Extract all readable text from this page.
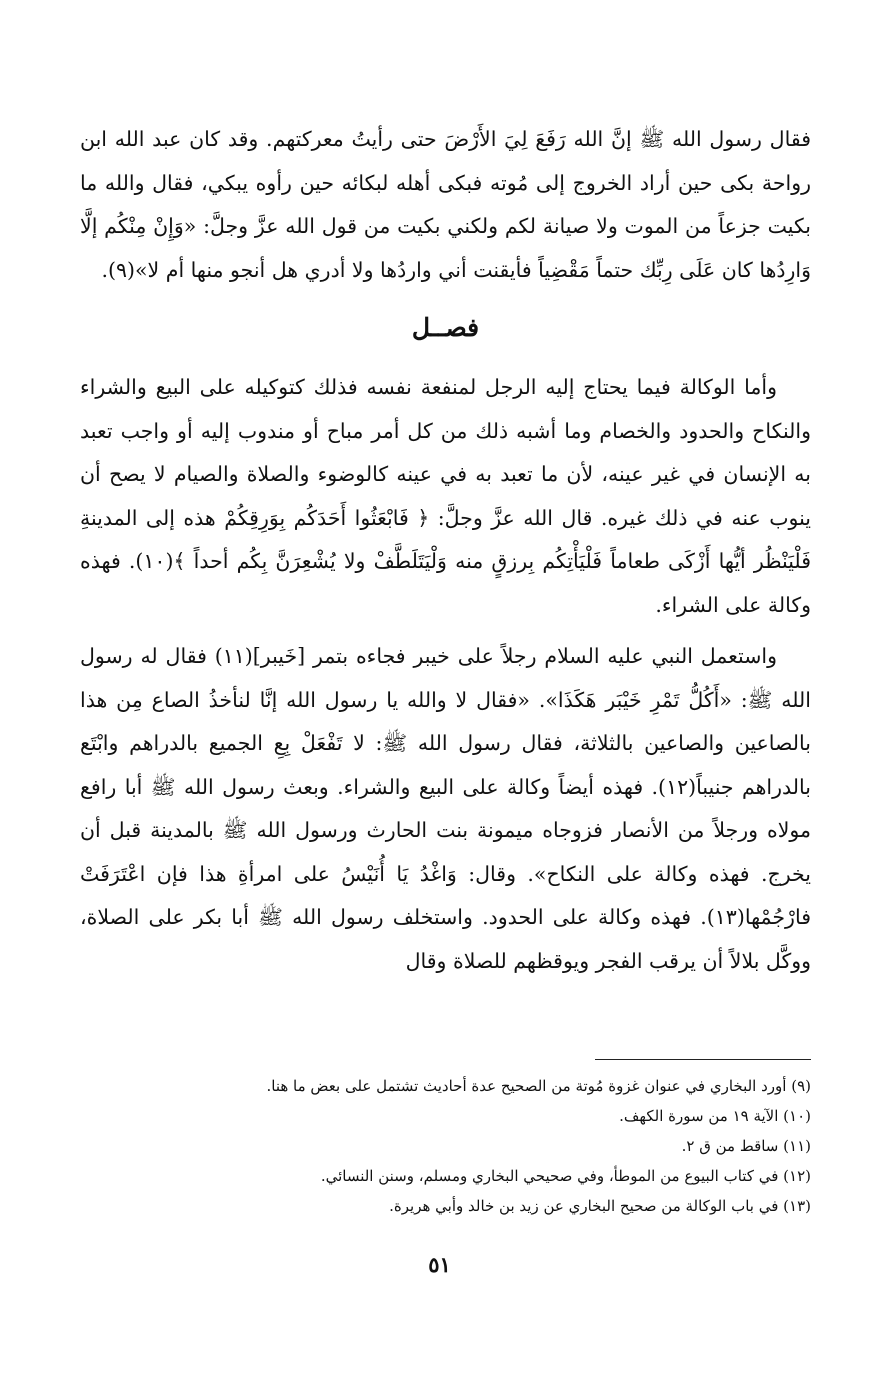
فقال رسول الله ﷺ إنَّ الله رَفَعَ لِيَ الأَرْضَ حتى رأيتُ معركتهم. وقد كان عبد الله ابن رواحة بكى حين أراد الخروج إلى مُوته فبكى أهله لبكائه حين رأوه يبكي، فقال والله ما بكيت جزعاً من الموت ولا صيانة لكم ولكني بكيت من قول الله عزَّ وجلَّ: «وَإِنْ مِنْكُم إلَّا وَارِدُها كان عَلَى رِبِّك حتماً مَقْضِياً فأيقنت أني واردُها ولا أدري هل أنجو منها أم لا»(٩).

فصــل

وأما الوكالة فيما يحتاج إليه الرجل لمنفعة نفسه فذلك كتوكيله على البيع والشراء والنكاح والحدود والخصام وما أشبه ذلك من كل أمر مباح أو مندوب إليه أو واجب تعبد به الإنسان في غير عينه، لأن ما تعبد به في عينه كالوضوء والصلاة والصيام لا يصح أن ينوب عنه في ذلك غيره. قال الله عزَّ وجلَّ: ﴿ فَابْعَثُوا أَحَدَكُم بِوَرِقِكُمْ هذه إلى المدينةِ فَلْيَنْظُر أيُّها أَزْكَى طعاماً فَلْيَأْتِكُم بِرزقٍ منه وَلْيَتَلَطَّفْ ولا يُشْعِرَنَّ بِكُم أحداً ﴾(١٠). فهذه وكالة على الشراء.

واستعمل النبي عليه السلام رجلاً على خيبر فجاءه بتمر [خَيبر](١١) فقال له رسول الله ﷺ: «أَكُلُّ تَمْرِ خَيْبَر هَكَذَا». «فقال لا والله يا رسول الله إنَّا لنأخذُ الصاع مِن هذا بالصاعين والصاعين بالثلاثة، فقال رسول الله ﷺ: لا تَفْعَلْ بِعِ الجميع بالدراهم وابْتَع بالدراهم جنيباً(١٢). فهذه أيضاً وكالة على البيع والشراء. وبعث رسول الله ﷺ أبا رافع مولاه ورجلاً من الأنصار فزوجاه ميمونة بنت الحارث ورسول الله ﷺ بالمدينة قبل أن يخرج. فهذه وكالة على النكاح». وقال: وَاغْدُ يَا أُنَيْسُ على امرأةِ هذا فإن اعْتَرَفَتْ فارْجُمْها(١٣). فهذه وكالة على الحدود. واستخلف رسول الله ﷺ أبا بكر على الصلاة، ووكَّل بلالاً أن يرقب الفجر ويوقظهم للصلاة وقال

(٩) أورد البخاري في عنوان غزوة مُوتة من الصحيح عدة أحاديث تشتمل على بعض ما هنا.

(١٠) الآية ١٩ من سورة الكهف.

(١١) ساقط من ق ٢.

(١٢) في كتاب البيوع من الموطأ، وفي صحيحي البخاري ومسلم، وسنن النسائي.

(١٣) في باب الوكالة من صحيح البخاري عن زيد بن خالد وأبي هريرة.

٥١
